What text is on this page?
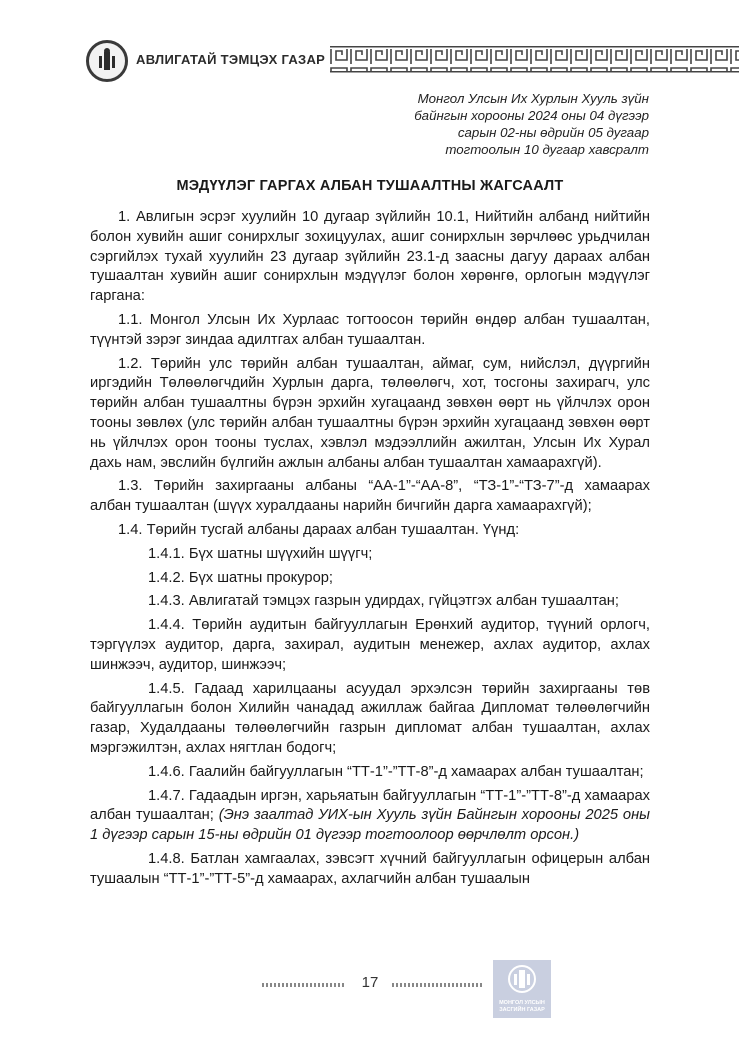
АВЛИГАТАЙ ТЭМЦЭХ ГАЗАР
Монгол Улсын Их Хурлын Хууль зүйн
байнгын хорооны 2024 оны 04 дүгээр
сарын 02-ны өдрийн 05 дугаар
тогтоолын 10 дугаар хавсралт
МЭДҮҮЛЭГ ГАРГАХ АЛБАН ТУШААЛТНЫ ЖАГСААЛТ

1. Авлигын эсрэг хуулийн 10 дугаар зүйлийн 10.1, Нийтийн албанд нийтийн болон хувийн ашиг сонирхлыг зохицуулах, ашиг сонирхлын зөрчлөөс урьдчилан сэргийлэх тухай хуулийн 23 дугаар зүйлийн 23.1-д заасны дагуу дараах албан тушаалтан хувийн ашиг сонирхлын мэдүүлэг болон хөрөнгө, орлогын мэдүүлэг гаргана:

1.1. Монгол Улсын Их Хурлаас тогтоосон төрийн өндөр албан тушаалтан, түүнтэй зэрэг зиндаа адилтгах албан тушаалтан.

1.2. Төрийн улс төрийн албан тушаалтан, аймаг, сум, нийслэл, дүүргийн иргэдийн Төлөөлөгчдийн Хурлын дарга, төлөөлөгч, хот, тосгоны захирагч, улс төрийн албан тушаалтны бүрэн эрхийн хугацаанд зөвхөн өөрт нь үйлчлэх орон тооны зөвлөх (улс төрийн албан тушаалтны бүрэн эрхийн хугацаанд зөвхөн өөрт нь үйлчлэх орон тооны туслах, хэвлэл мэдээллийн ажилтан, Улсын Их Хурал дахь нам, эвслийн бүлгийн ажлын албаны албан тушаалтан хамаарахгүй).

1.3. Төрийн захиргааны албаны “АА-1”-“АА-8”, “ТЗ-1”-“ТЗ-7”-д хамаарах албан тушаалтан (шүүх хуралдааны нарийн бичгийн дарга хамаарахгүй);

1.4. Төрийн тусгай албаны дараах албан тушаалтан. Үүнд:

1.4.1. Бүх шатны шүүхийн шүүгч;

1.4.2. Бүх шатны прокурор;

1.4.3. Авлигатай тэмцэх газрын удирдах, гүйцэтгэх албан тушаалтан;

1.4.4. Төрийн аудитын байгууллагын Ерөнхий аудитор, түүний орлогч, тэргүүлэх аудитор, дарга, захирал, аудитын менежер, ахлах аудитор, ахлах шинжээч, аудитор, шинжээч;

1.4.5. Гадаад харилцааны асуудал эрхэлсэн төрийн захиргааны төв байгууллагын болон Хилийн чанадад ажиллаж байгаа Дипломат төлөөлөгчийн газар, Худалдааны төлөөлөгчийн газрын дипломат албан тушаалтан, ахлах мэргэжилтэн, ахлах нягтлан бодогч;

1.4.6. Гаалийн байгууллагын “ТТ-1”-”ТТ-8”-д хамаарах албан тушаалтан;

1.4.7. Гадаадын иргэн, харьяатын байгууллагын “ТТ-1”-”ТТ-8”-д хамаарах албан тушаалтан; (Энэ заалтад УИХ-ын Хууль зүйн Байнгын хорооны 2025 оны 1 дүгээр сарын 15-ны өдрийн 01 дүгээр тогтоолоор өөрчлөлт орсон.)

1.4.8. Батлан хамгаалах, зэвсэгт хүчний байгууллагын офицерын албан тушаалын “ТТ-1”-”ТТ-5”-д хамаарах, ахлагчийн албан тушаалын

17
МОНГОЛ УЛСЫН
ЗАСГИЙН ГАЗАР
